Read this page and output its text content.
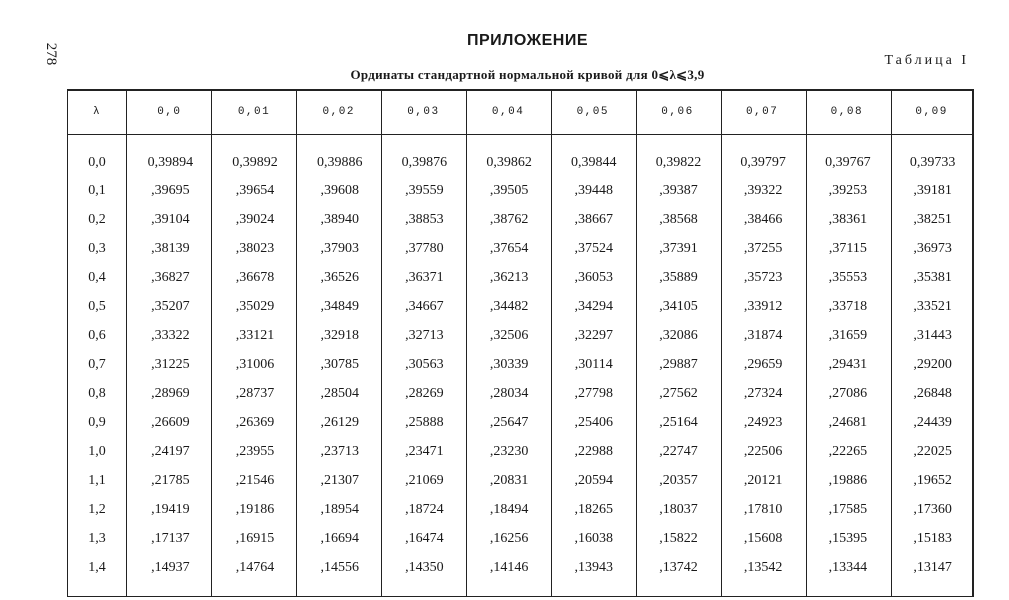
278
ПРИЛОЖЕНИЕ
Таблица I
Ординаты стандартной нормальной кривой для 0⩽λ⩽3,9
λ	0,0	0,01	0,02	0,03	0,04	0,05	0,06	0,07	0,08	0,09
0,0	0,39894	0,39892	0,39886	0,39876	0,39862	0,39844	0,39822	0,39797	0,39767	0,39733
0,1	,39695	,39654	,39608	,39559	,39505	,39448	,39387	,39322	,39253	,39181
0,2	,39104	,39024	,38940	,38853	,38762	,38667	,38568	,38466	,38361	,38251
0,3	,38139	,38023	,37903	,37780	,37654	,37524	,37391	,37255	,37115	,36973
0,4	,36827	,36678	,36526	,36371	,36213	,36053	,35889	,35723	,35553	,35381
0,5	,35207	,35029	,34849	,34667	,34482	,34294	,34105	,33912	,33718	,33521
0,6	,33322	,33121	,32918	,32713	,32506	,32297	,32086	,31874	,31659	,31443
0,7	,31225	,31006	,30785	,30563	,30339	,30114	,29887	,29659	,29431	,29200
0,8	,28969	,28737	,28504	,28269	,28034	,27798	,27562	,27324	,27086	,26848
0,9	,26609	,26369	,26129	,25888	,25647	,25406	,25164	,24923	,24681	,24439
1,0	,24197	,23955	,23713	,23471	,23230	,22988	,22747	,22506	,22265	,22025
1,1	,21785	,21546	,21307	,21069	,20831	,20594	,20357	,20121	,19886	,19652
1,2	,19419	,19186	,18954	,18724	,18494	,18265	,18037	,17810	,17585	,17360
1,3	,17137	,16915	,16694	,16474	,16256	,16038	,15822	,15608	,15395	,15183
1,4	,14937	,14764	,14556	,14350	,14146	,13943	,13742	,13542	,13344	,13147
